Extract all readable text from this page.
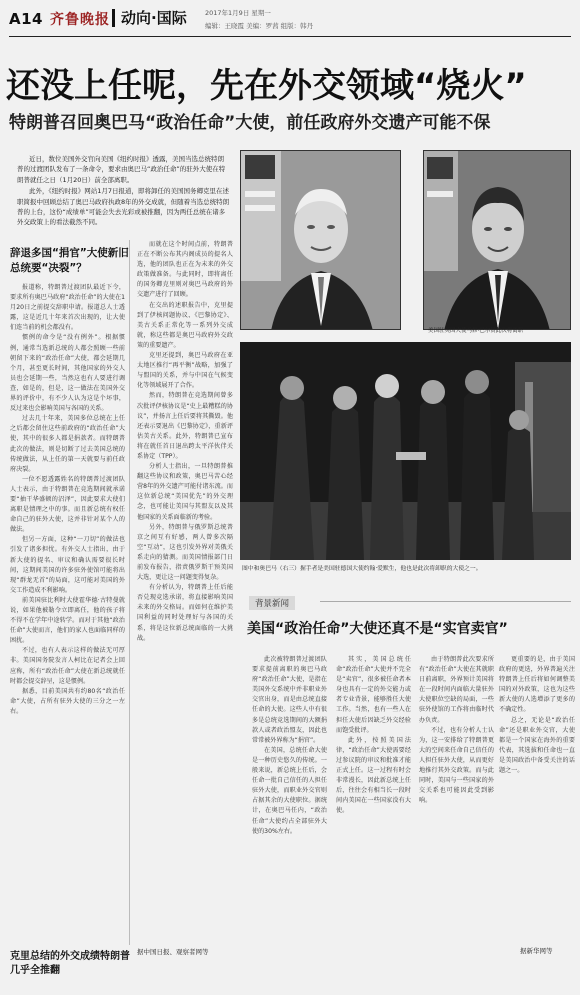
A14 齐鲁晚报 动向·国际	2017年1月9日 星期一
编辑：王晓霞 美编：罗茜 组版：韩丹
还没上任呢，先在外交领域“烧火”
特朗普召回奥巴马“政治任命”大使，前任政府外交遗产可能不保

近日，数位美国外交官向美国《纽约时报》透露，美国当选总统特朗普的过渡团队发布了一条命令，要求由奥巴马“政治任命”的驻外大使在特朗普就任之日（1月20日）前全部离职。

此外，《纽约时报》网站1月7日报道，即将卸任的美国国务卿克里在述职简报中回顾总结了奥巴马政府执政8年的外交成就，但随着当选总统特朗普的上台，这份“成绩单”可能会失去光彩或被推翻，因为两任总统在诸多外交政策上的看法截然不同。

美国驻英国大使马修·巴尔赞此次将离职
图中和奥巴马（右三）握手者是美国驻德国大使约翰·爱默生，他也是此次将卸职的大使之一。
辞退多国“捐官”大使新旧总统要“决裂”？

报道称，特朗普过渡团队最近下令，要求所有奥巴马政府“政治任命”的大使在1月20日之前提交辞职申请。报道总人士透露，这是近几十年来首次出现的，让大使们连当前的机会都没有。

惯例的命令是“没有例外”。根据惯例，通常当选新总统的人都会照顾一些前朝留下来的“政治任命”大使，都会延期几个月，甚至更长时间，其他国家的外交人员也会延期一些，当然这也有人要进行调查，如是的，但是，这一做法在美国外交界的评价中，有不少人认为这是个坏事，反过来也会影响美国与各国的关系。

过去几十年来，美国多位总统在上任之后都会留住这些前政府的“政治任命”大使，其中的很多人都是捐款者。而特朗普此次的做法，则是切断了过去美国总统的传统做法，从上任的第一天就要与前任政府决裂。

一位不愿透露姓名的特朗普过渡团队人士表示，由于特朗普在竞选期间就承诺要“抽干华盛顿的沼泽”，因此要求大使们离职是情理之中的事。而且新总统有权任命自己的驻外大使，这并非针对某个人的做法。

但另一方面，这种“一刀切”的做法也引发了诸多担忧。有外交人士指出，由于新大使的提名、审议和确认需要很长时间，这期间美国的许多驻外使馆可能将出现“群龙无首”的局面，这可能对美国的外交工作造成不利影响。

前美国驻比利时大使霍华德·古特曼就说，如果他被勒令立即离任，他的孩子将不得不在学年中途转学。而对于其他“政治任命”大使而言，他们的家人也面临同样的困扰。

不过，也有人表示这样的做法无可厚非。美国国务院发言人柯比在记者会上回应称，所有“政治任命”大使在新总统就任时都会提交辞呈，这是惯例。

据悉，目前美国共有约80名“政治任命”大使，占所有驻外大使的三分之一左右。

而就在这个时间点前，特朗普正在不断公布其内阁成员的提名人选，他的团队也正在为未来的外交政策做准备。与此同时，即将离任的国务卿克里则对奥巴马政府的外交遗产进行了回顾。

在交出的述职报告中，克里提到了伊核问题协议、《巴黎协定》、美古关系正常化等一系列外交成就，称这些都是奥巴马政府外交政策的重要遗产。

克里还提到，奥巴马政府在亚太地区推行“再平衡”战略，加强了与盟国的关系，并与中国在气候变化等领域展开了合作。

然而，特朗普在竞选期间曾多次批评伊核协议是“史上最糟糕的协议”，并扬言上任后要将其撕毁。他还表示要退出《巴黎协定》，重新评估美古关系。此外，特朗普已宣布将在就任首日退出跨太平洋伙伴关系协定（TPP）。

分析人士指出，一旦特朗普推翻这些协议和政策，奥巴马苦心经营8年的外交遗产可能付诸东流。而这位新总统“美国优先”的外交理念，也可能让美国与其盟友以及其他国家的关系面临新的考验。

另外，特朗普与俄罗斯总统普京之间互有好感，两人曾多次隔空“互动”，这也引发外界对美俄关系走向的猜测。而美国情报部门日前发布报告，指责俄罗斯干预美国大选，更让这一问题变得复杂。

有分析认为，特朗普上任后能否兑现竞选承诺，将直接影响美国未来的外交格局。而如何在维护美国利益的同时处理好与各国的关系，将是这位新总统面临的一大挑战。

克里总结的外交成绩特朗普几乎全推翻
据中国日报、观察者网等
背景新闻
美国“政治任命”大使还真不是“实官卖官”

此次被特朗普过渡团队要求提前离职的奥巴马政府“政治任命”大使，是指在美国外交系统中并非职业外交官出身，而是由总统直接任命的大使。这些人中有很多是总统竞选期间的大额捐款人或者政治盟友，因此也常常被外界称为“捐官”。

在美国，总统任命大使是一种历史悠久的传统。一般来说，新总统上任后，会任命一批自己信任的人担任驻外大使，而职业外交官则占据其余的大使职位。据统计，在奥巴马任内，“政治任命”大使约占全部驻外大使的30%左右。

其实，美国总统任命“政治任命”大使并不完全是“卖官”，很多被任命者本身也具有一定的外交能力或者专业背景，能够胜任大使工作。当然，也有一些人在担任大使后因缺乏外交经验而饱受批评。

此外，按照美国法律，“政治任命”大使需要经过参议院的审议和批准才能正式上任。这一过程有时会非常漫长，因此新总统上任后，往往会有相当长一段时间内美国在一些国家没有大使。

由于特朗普此次要求所有“政治任命”大使在其就职日前离职，外界预计美国将在一段时间内面临大量驻外大使职位空缺的局面，一些驻外使馆的工作将由临时代办负责。

不过，也有分析人士认为，这一安排给了特朗普更大的空间来任命自己信任的人担任驻外大使，从而更好地推行其外交政策。而与此同时，美国与一些国家的外交关系也可能因此受到影响。

更重要的是，由于美国政府的更迭，外界普遍关注特朗普上任后将如何调整美国的对外政策，这也为这些新大使的人选增添了更多的不确定性。

总之，无论是“政治任命”还是职业外交官，大使都是一个国家在海外的重要代表，其选拔和任命也一直是美国政治中备受关注的话题之一。

据新华网等
